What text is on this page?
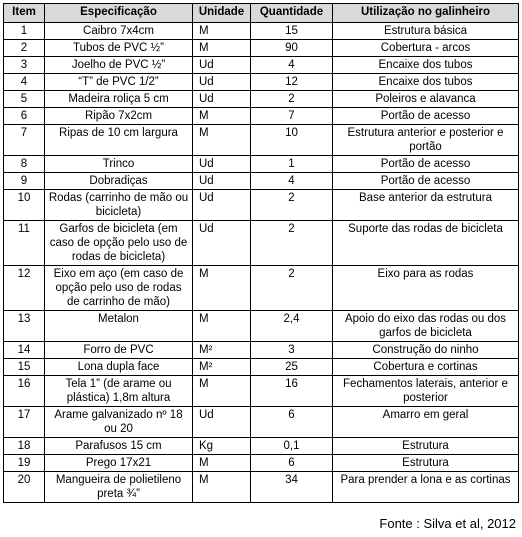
Item	Especificação	Unidade	Quantidade	Utilização no galinheiro
1	Caibro 7x4cm	M	15	Estrutura básica
2	Tubos de PVC ½”	M	90	Cobertura - arcos
3	Joelho de PVC ½”	Ud	4	Encaixe dos tubos
4	“T” de PVC 1/2”	Ud	12	Encaixe dos tubos
5	Madeira roliça 5 cm	Ud	2	Poleiros e alavanca
6	Ripão 7x2cm	M	7	Portão de acesso
7	Ripas de 10 cm largura	M	10	Estrutura anterior e posterior e portão
8	Trinco	Ud	1	Portão de acesso
9	Dobradiças	Ud	4	Portão de acesso
10	Rodas (carrinho de mão ou bicicleta)	Ud	2	Base anterior da estrutura
11	Garfos de bicicleta (em caso de opção pelo uso de rodas de bicicleta)	Ud	2	Suporte das rodas de bicicleta
12	Eixo em aço (em caso de opção pelo uso de rodas de carrinho de mão)	M	2	Eixo para as rodas
13	Metalon	M	2,4	Apoio do eixo das rodas ou dos garfos de bicicleta
14	Forro de PVC	M²	3	Construção do ninho
15	Lona dupla face	M²	25	Cobertura e cortinas
16	Tela 1” (de arame ou plástica) 1,8m altura	M	16	Fechamentos laterais, anterior e posterior
17	Arame galvanizado nº 18 ou 20	Ud	6	Amarro em geral
18	Parafusos 15 cm	Kg	0,1	Estrutura
19	Prego 17x21	M	6	Estrutura
20	Mangueira de polietileno preta ¾”	M	34	Para prender a lona e as cortinas
Fonte : Silva et al, 2012
